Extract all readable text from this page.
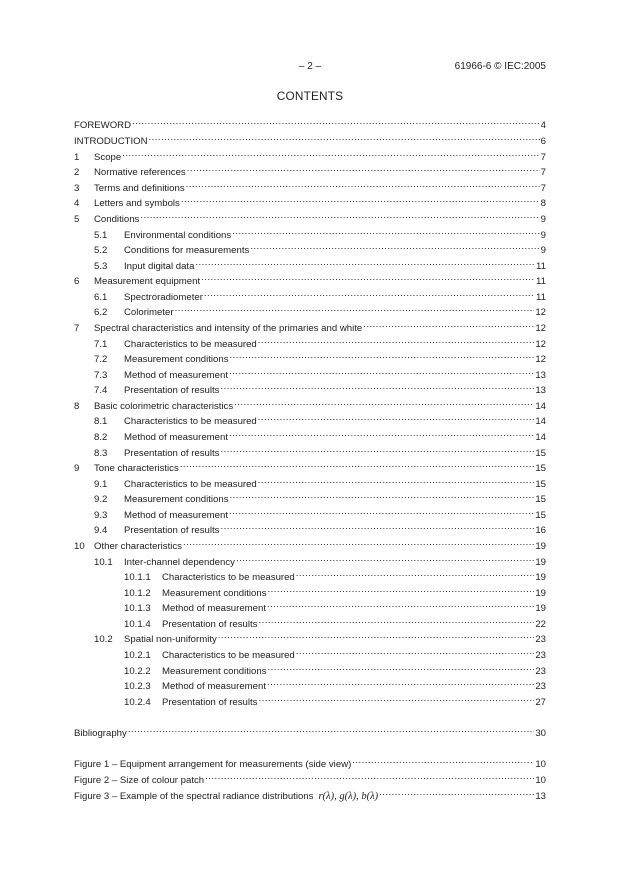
– 2 –	61966-6 © IEC:2005
CONTENTS
FOREWORD .....	4
INTRODUCTION .....	6
1	Scope .....	7
2	Normative references .....	7
3	Terms and definitions .....	7
4	Letters and symbols .....	8
5	Conditions .....	9
5.1	Environmental conditions .....	9
5.2	Conditions for measurements .....	9
5.3	Input digital data .....	11
6	Measurement equipment .....	11
6.1	Spectroradiometer .....	11
6.2	Colorimeter .....	12
7	Spectral characteristics and intensity of the primaries and white .....	12
7.1	Characteristics to be measured .....	12
7.2	Measurement conditions .....	12
7.3	Method of measurement .....	13
7.4	Presentation of results .....	13
8	Basic colorimetric characteristics .....	14
8.1	Characteristics to be measured .....	14
8.2	Method of measurement .....	14
8.3	Presentation of results .....	15
9	Tone characteristics .....	15
9.1	Characteristics to be measured .....	15
9.2	Measurement conditions .....	15
9.3	Method of measurement .....	15
9.4	Presentation of results .....	16
10 Other characteristics .....	19
10.1	Inter-channel dependency .....	19
10.1.1	Characteristics to be measured .....	19
10.1.2	Measurement conditions .....	19
10.1.3	Method of measurement .....	19
10.1.4	Presentation of results .....	22
10.2	Spatial non-uniformity .....	23
10.2.1	Characteristics to be measured .....	23
10.2.2	Measurement conditions .....	23
10.2.3	Method of measurement .....	23
10.2.4	Presentation of results .....	27
Bibliography .....	30
Figure 1 – Equipment arrangement for measurements (side view) .....	10
Figure 2 – Size of colour patch .....	10
Figure 3 – Example of the spectral radiance distributions r(λ), g(λ), b(λ) .....	13
